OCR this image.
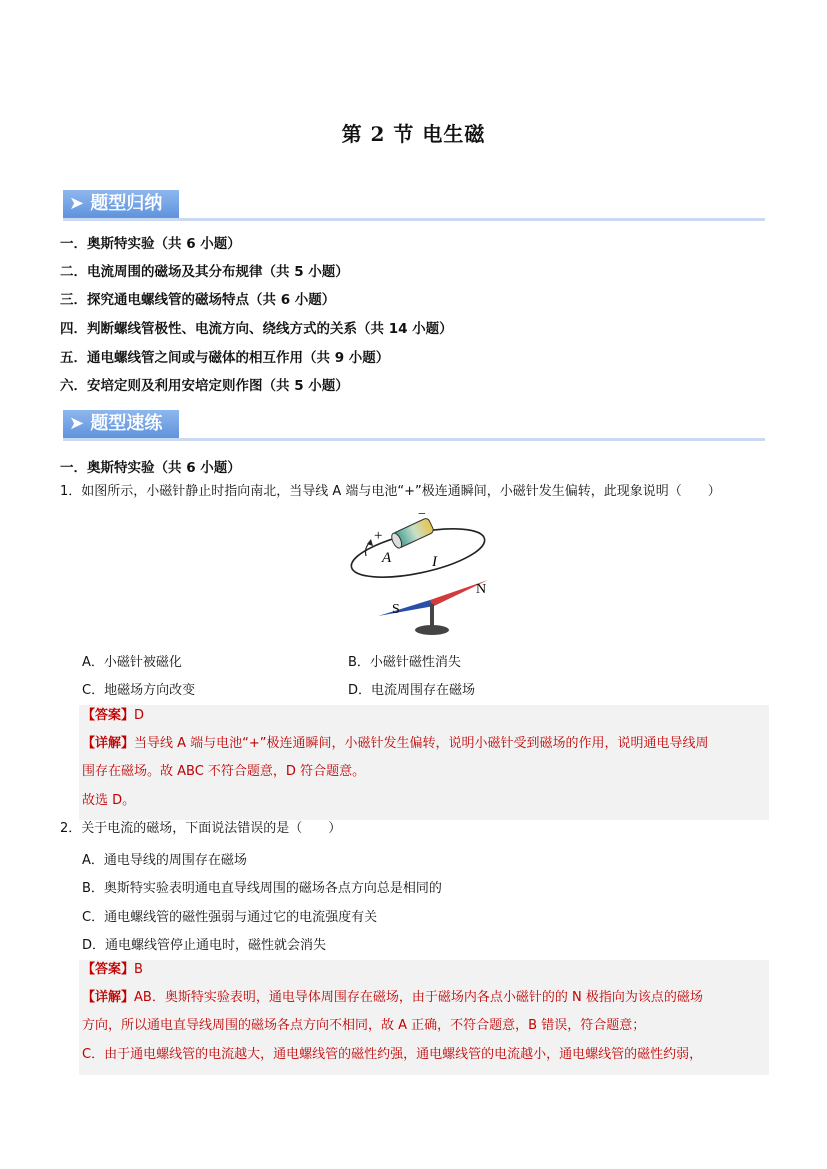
第 2 节 电生磁
➤ 题型归纳
一．奥斯特实验（共 6 小题）
二．电流周围的磁场及其分布规律（共 5 小题）
三．探究通电螺线管的磁场特点（共 6 小题）
四．判断螺线管极性、电流方向、绕线方式的关系（共 14 小题）
五．通电螺线管之间或与磁体的相互作用（共 9 小题）
六．安培定则及利用安培定则作图（共 5 小题）
➤ 题型速练
一．奥斯特实验（共 6 小题）
1．如图所示，小磁针静止时指向南北，当导线 A 端与电池“+”极连通瞬间，小磁针发生偏转，此现象说明（　　）
+
−
A	I
S
N
A．小磁针被磁化	B．小磁针磁性消失
C．地磁场方向改变	D．电流周围存在磁场
【答案】D
【详解】当导线 A 端与电池“+”极连通瞬间，小磁针发生偏转，说明小磁针受到磁场的作用，说明通电导线周
围存在磁场。故 ABC 不符合题意，D 符合题意。
故选 D。
2．关于电流的磁场，下面说法错误的是（　　）
A．通电导线的周围存在磁场
B．奥斯特实验表明通电直导线周围的磁场各点方向总是相同的
C．通电螺线管的磁性强弱与通过它的电流强度有关
D．通电螺线管停止通电时，磁性就会消失
【答案】B
【详解】AB．奥斯特实验表明，通电导体周围存在磁场，由于磁场内各点小磁针的的 N 极指向为该点的磁场
方向，所以通电直导线周围的磁场各点方向不相同，故 A 正确，不符合题意，B 错误，符合题意；
C．由于通电螺线管的电流越大，通电螺线管的磁性约强，通电螺线管的电流越小，通电螺线管的磁性约弱，
